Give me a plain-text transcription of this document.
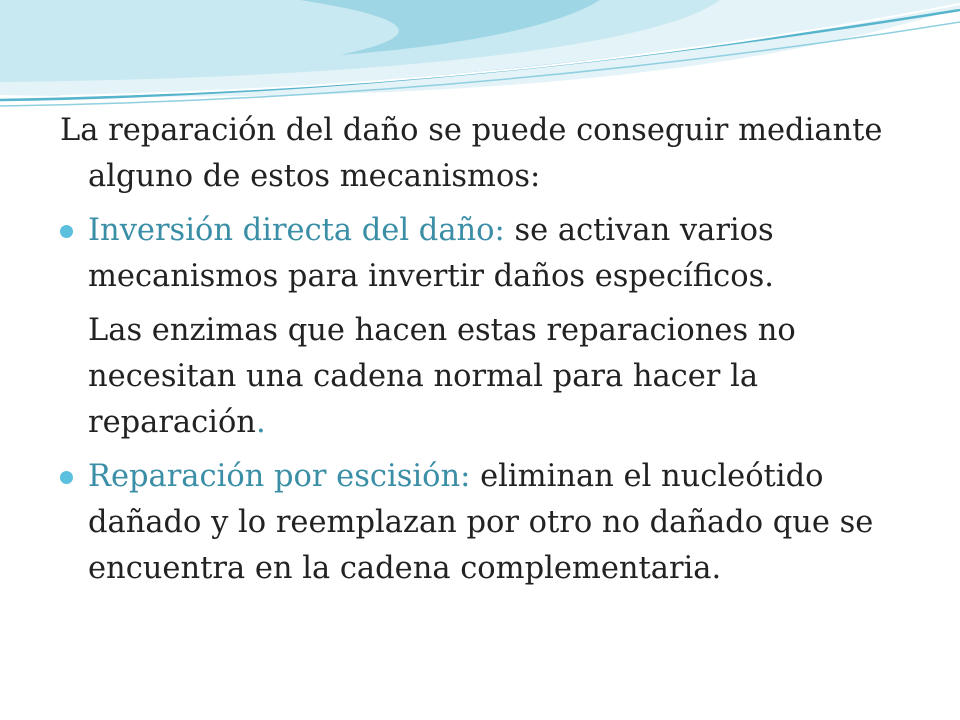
La reparación del daño se puede conseguir mediante alguno de estos mecanismos:

Inversión directa del daño: se activan varios mecanismos para invertir daños específicos.

Las enzimas que hacen estas reparaciones no necesitan una cadena normal para hacer la reparación.

Reparación por escisión: eliminan el nucleótido dañado y lo reemplazan por otro no dañado que se encuentra en la cadena complementaria.
